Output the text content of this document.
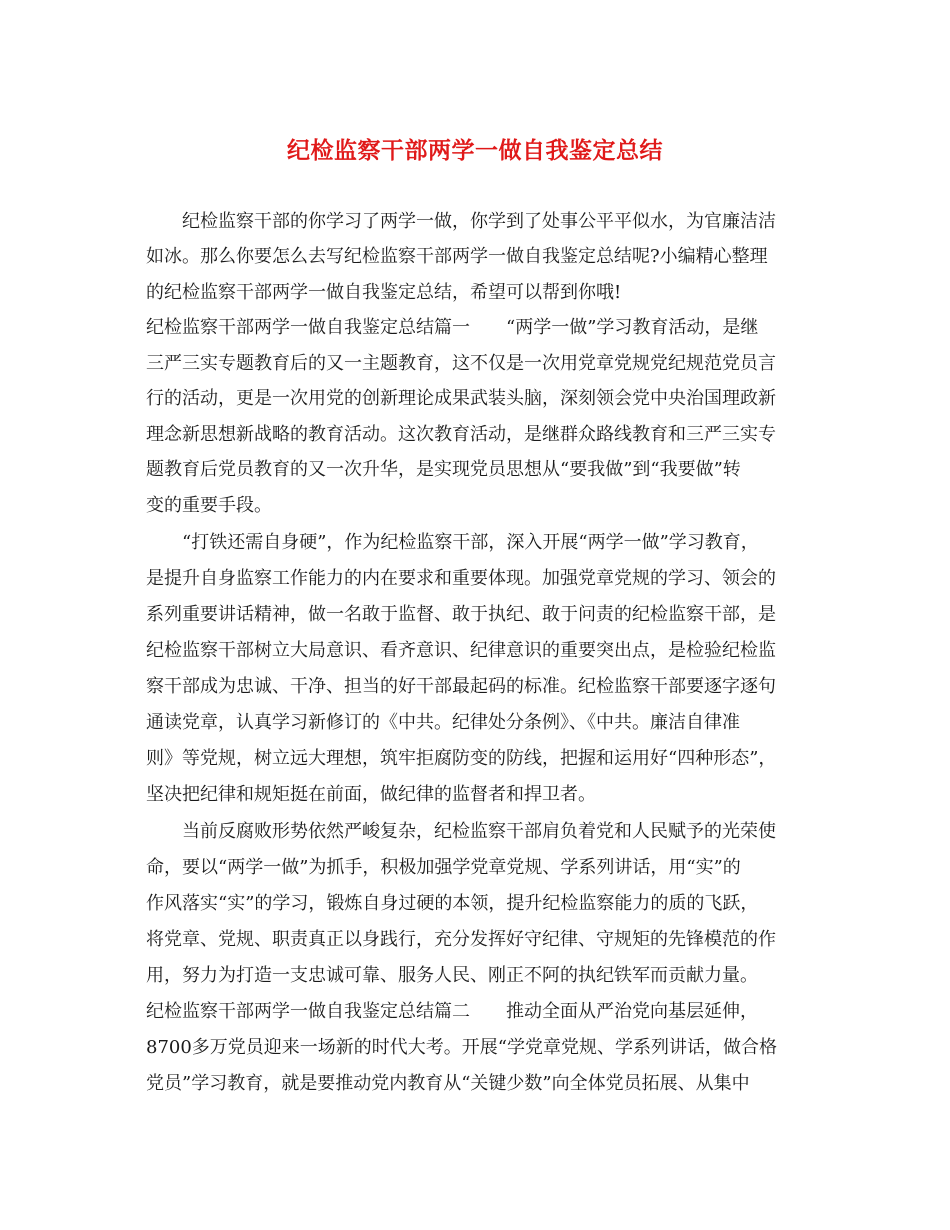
纪检监察干部两学一做自我鉴定总结
　　纪检监察干部的你学习了两学一做，你学到了处事公平平似水，为官廉洁洁
如冰。那么你要怎么去写纪检监察干部两学一做自我鉴定总结呢?小编精心整理
的纪检监察干部两学一做自我鉴定总结，希望可以帮到你哦!
纪检监察干部两学一做自我鉴定总结篇一　　“两学一做”学习教育活动，是继
三严三实专题教育后的又一主题教育，这不仅是一次用党章党规党纪规范党员言
行的活动，更是一次用党的创新理论成果武装头脑，深刻领会党中央治国理政新
理念新思想新战略的教育活动。这次教育活动，是继群众路线教育和三严三实专
题教育后党员教育的又一次升华，是实现党员思想从“要我做”到“我要做”转
变的重要手段。
　　“打铁还需自身硬”，作为纪检监察干部，深入开展“两学一做”学习教育，
是提升自身监察工作能力的内在要求和重要体现。加强党章党规的学习、领会的
系列重要讲话精神，做一名敢于监督、敢于执纪、敢于问责的纪检监察干部，是
纪检监察干部树立大局意识、看齐意识、纪律意识的重要突出点，是检验纪检监
察干部成为忠诚、干净、担当的好干部最起码的标准。纪检监察干部要逐字逐句
通读党章，认真学习新修订的《中共。纪律处分条例》、《中共。廉洁自律准
则》等党规，树立远大理想，筑牢拒腐防变的防线，把握和运用好“四种形态”，
坚决把纪律和规矩挺在前面，做纪律的监督者和捍卫者。
　　当前反腐败形势依然严峻复杂，纪检监察干部肩负着党和人民赋予的光荣使
命，要以“两学一做”为抓手，积极加强学党章党规、学系列讲话，用“实”的
作风落实“实”的学习，锻炼自身过硬的本领，提升纪检监察能力的质的飞跃，
将党章、党规、职责真正以身践行，充分发挥好守纪律、守规矩的先锋模范的作
用，努力为打造一支忠诚可靠、服务人民、刚正不阿的执纪铁军而贡献力量。
纪检监察干部两学一做自我鉴定总结篇二　　推动全面从严治党向基层延伸，
8700多万党员迎来一场新的时代大考。开展“学党章党规、学系列讲话，做合格
党员”学习教育，就是要推动党内教育从“关键少数”向全体党员拓展、从集中
